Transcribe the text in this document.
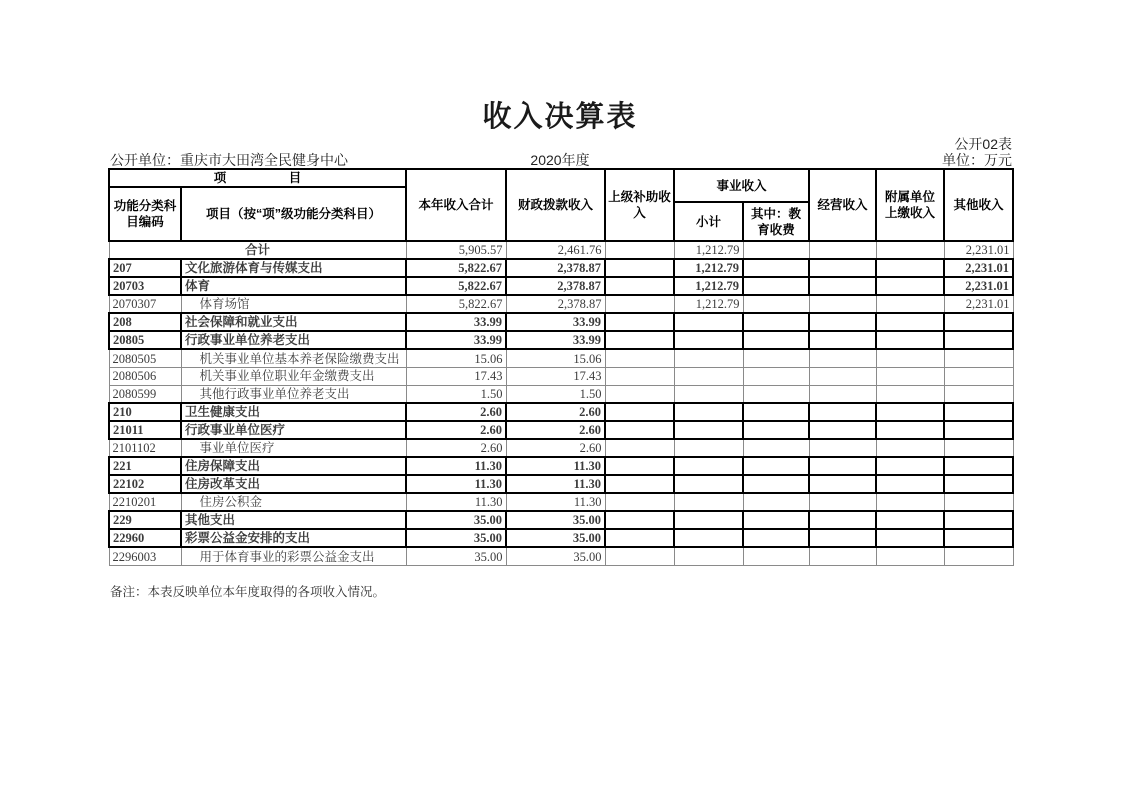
收入决算表
公开02表
公开单位：重庆市大田湾全民健身中心	2020年度	单位：万元
项　　　　　目		本年收入合计	财政拨款收入	上级补助收入	事业收入		经营收入	附属单位上缴收入	其他收入
功能分类科目编码	项目（按“项”级功能分类科目）								
					小计	其中：教育收费			
合计		5,905.57	2,461.76		1,212.79				2,231.01
207	文化旅游体育与传媒支出	5,822.67	2,378.87		1,212.79				2,231.01
20703	体育	5,822.67	2,378.87		1,212.79				2,231.01
2070307	体育场馆	5,822.67	2,378.87		1,212.79				2,231.01
208	社会保障和就业支出	33.99	33.99						
20805	行政事业单位养老支出	33.99	33.99						
2080505	机关事业单位基本养老保险缴费支出	15.06	15.06						
2080506	机关事业单位职业年金缴费支出	17.43	17.43						
2080599	其他行政事业单位养老支出	1.50	1.50						
210	卫生健康支出	2.60	2.60						
21011	行政事业单位医疗	2.60	2.60						
2101102	事业单位医疗	2.60	2.60						
221	住房保障支出	11.30	11.30						
22102	住房改革支出	11.30	11.30						
2210201	住房公积金	11.30	11.30						
229	其他支出	35.00	35.00						
22960	彩票公益金安排的支出	35.00	35.00						
2296003	用于体育事业的彩票公益金支出	35.00	35.00						
备注：本表反映单位本年度取得的各项收入情况。
